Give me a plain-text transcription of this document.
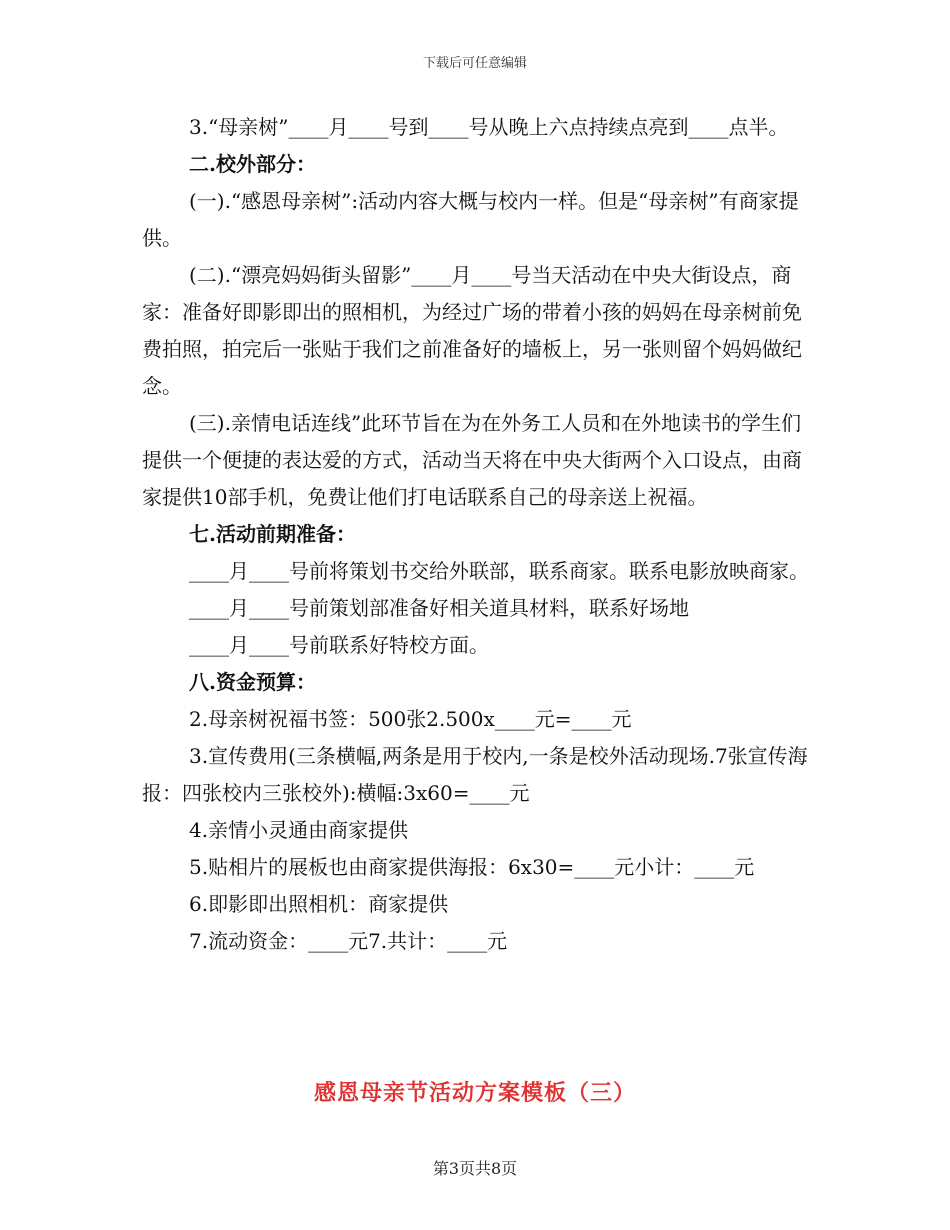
下载后可任意编辑

3.“母亲树”____月____号到____号从晚上六点持续点亮到____点半。

二.校外部分：

(一).“感恩母亲树”:活动内容大概与校内一样。但是“母亲树”有商家提供。

(二).“漂亮妈妈街头留影”____月____号当天活动在中央大街设点，商家：准备好即影即出的照相机，为经过广场的带着小孩的妈妈在母亲树前免费拍照，拍完后一张贴于我们之前准备好的墙板上，另一张则留个妈妈做纪念。

(三).亲情电话连线”此环节旨在为在外务工人员和在外地读书的学生们提供一个便捷的表达爱的方式，活动当天将在中央大街两个入口设点，由商家提供10部手机，免费让他们打电话联系自己的母亲送上祝福。

七.活动前期准备：

____月____号前将策划书交给外联部，联系商家。联系电影放映商家。

____月____号前策划部准备好相关道具材料，联系好场地

____月____号前联系好特校方面。

八.资金预算：

2.母亲树祝福书签：500张2.500x____元=____元

3.宣传费用(三条横幅,两条是用于校内,一条是校外活动现场.7张宣传海报：四张校内三张校外):横幅:3x60=____元

4.亲情小灵通由商家提供

5.贴相片的展板也由商家提供海报：6x30=____元小计：____元

6.即影即出照相机：商家提供

7.流动资金：____元7.共计：____元

感恩母亲节活动方案模板（三）
第3页共8页
